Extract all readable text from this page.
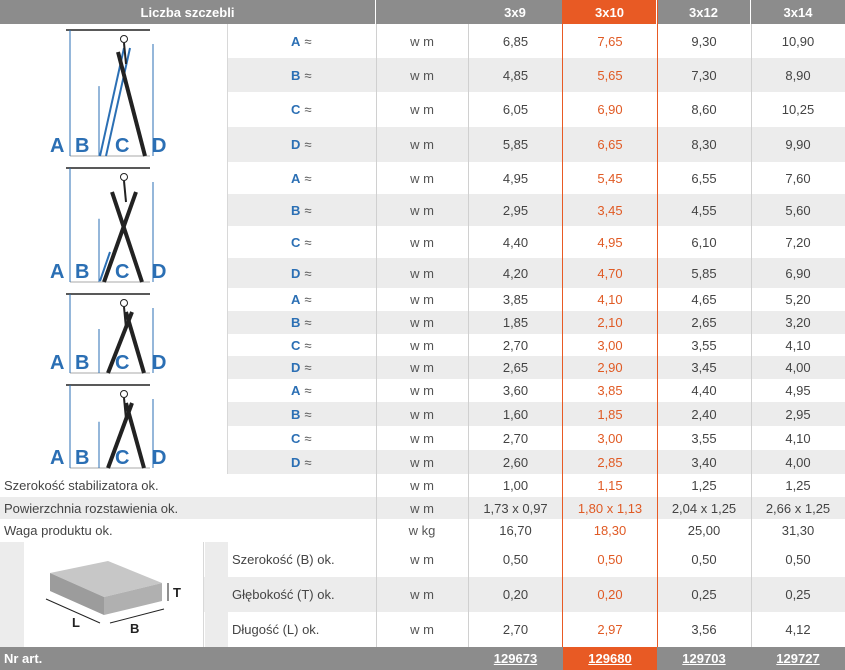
Liczba szczebli	3x9	3x10	3x12	3x14
A ≈	w m	6,85	7,65	9,30	10,90
B ≈	w m	4,85	5,65	7,30	8,90
C ≈	w m	6,05	6,90	8,60	10,25
D ≈	w m	5,85	6,65	8,30	9,90
A ≈	w m	4,95	5,45	6,55	7,60
B ≈	w m	2,95	3,45	4,55	5,60
C ≈	w m	4,40	4,95	6,10	7,20
D ≈	w m	4,20	4,70	5,85	6,90
A ≈	w m	3,85	4,10	4,65	5,20
B ≈	w m	1,85	2,10	2,65	3,20
C ≈	w m	2,70	3,00	3,55	4,10
D ≈	w m	2,65	2,90	3,45	4,00
A ≈	w m	3,60	3,85	4,40	4,95
B ≈	w m	1,60	1,85	2,40	2,95
C ≈	w m	2,70	3,00	3,55	4,10
D ≈	w m	2,60	2,85	3,40	4,00
Szerokość stabilizatora ok.	w m	1,00	1,15	1,25	1,25
Powierzchnia rozstawienia ok.	w m	1,73 x 0,97	1,80 x 1,13	2,04 x 1,25	2,66 x 1,25
Waga produktu ok.	w kg	16,70	18,30	25,00	31,30
Szerokość (B) ok.	w m	0,50	0,50	0,50	0,50
Głębokość (T) ok.	w m	0,20	0,20	0,25	0,25
Długość (L) ok.	w m	2,70	2,97	3,56	4,12
Nr art.	129673	129680	129703	129727
A B C D
A B C D
A B C D
A B C D
T
L	B
